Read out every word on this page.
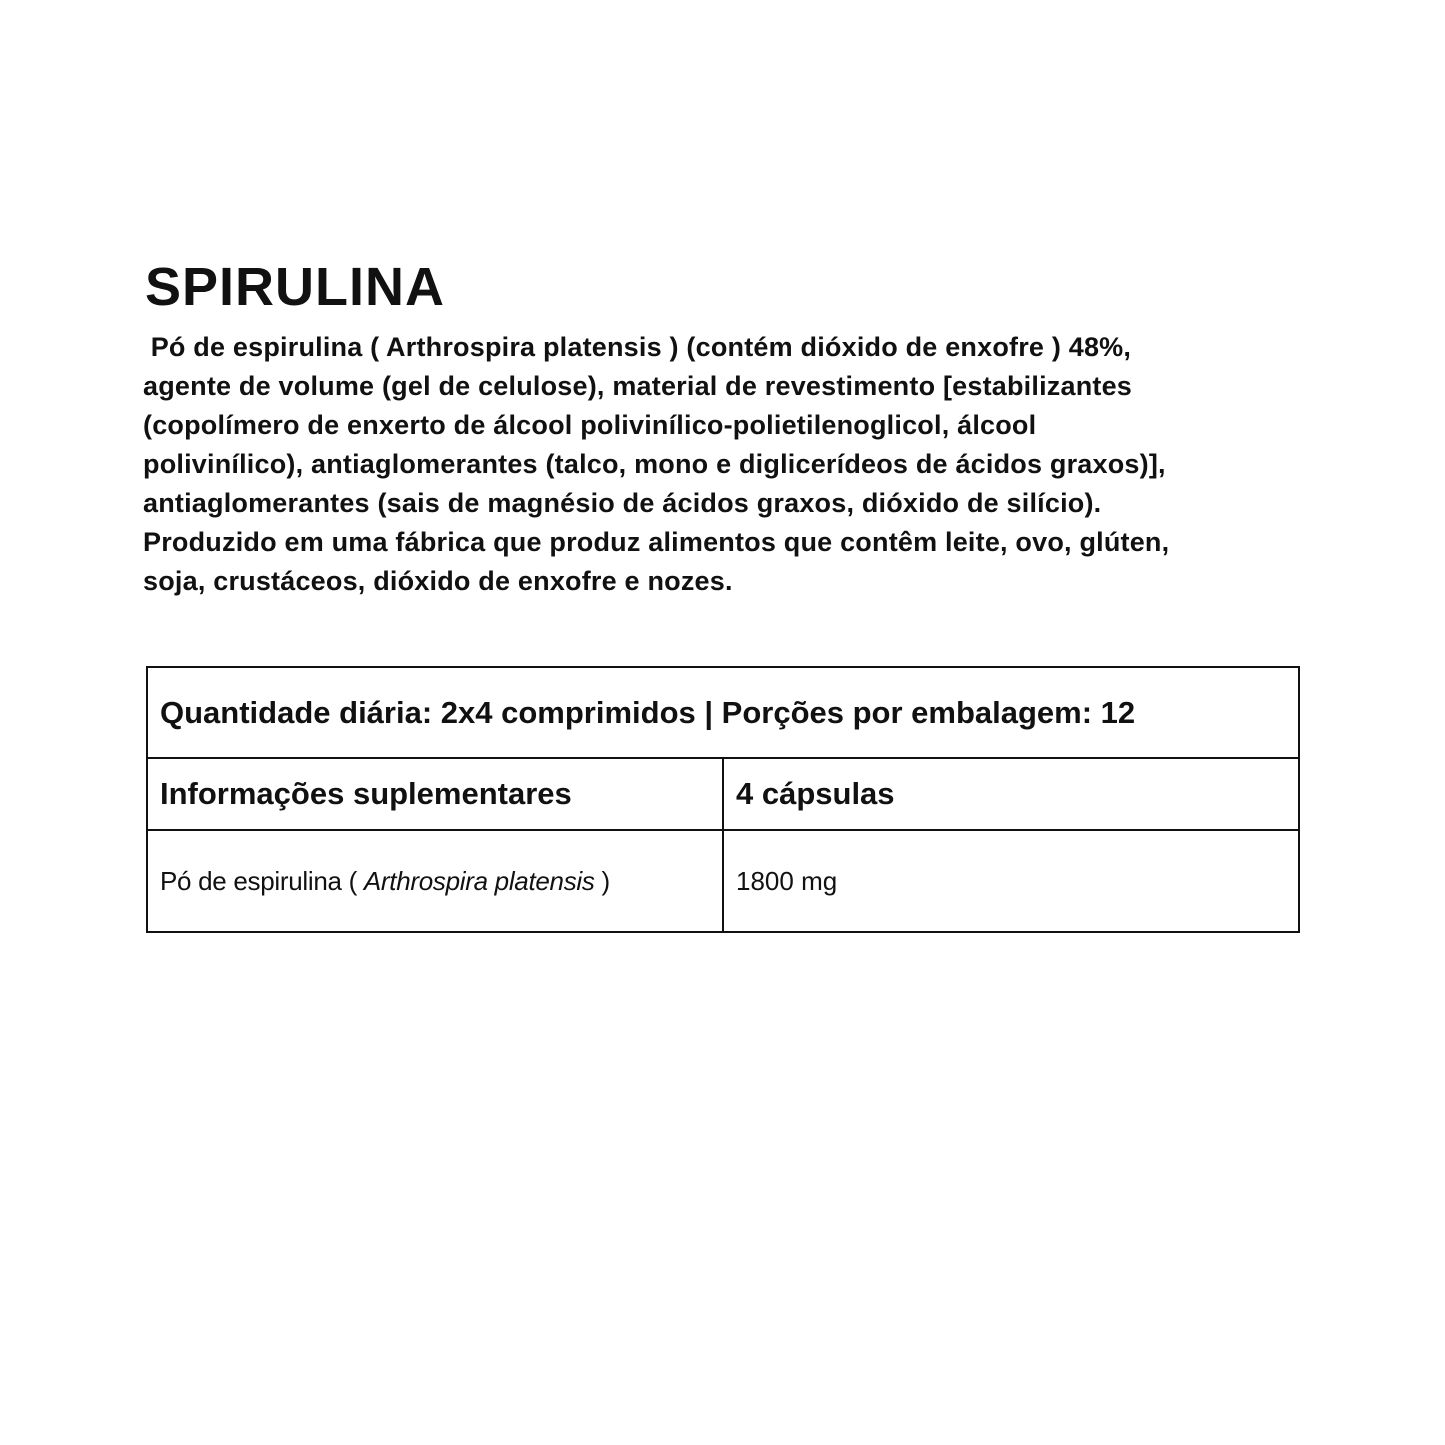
SPIRULINA
Pó de espirulina ( Arthrospira platensis ) (contém dióxido de enxofre ) 48%,
agente de volume (gel de celulose), material de revestimento [estabilizantes
(copolímero de enxerto de álcool polivinílico-polietilenoglicol, álcool
polivinílico), antiaglomerantes (talco, mono e diglicerídeos de ácidos graxos)],
antiaglomerantes (sais de magnésio de ácidos graxos, dióxido de silício).
Produzido em uma fábrica que produz alimentos que contêm leite, ovo, glúten,
soja, crustáceos, dióxido de enxofre e nozes.
Quantidade diária: 2x4 comprimidos | Porções por embalagem: 12	
Informações suplementares	4 cápsulas
Pó de espirulina ( Arthrospira platensis )	1800 mg
